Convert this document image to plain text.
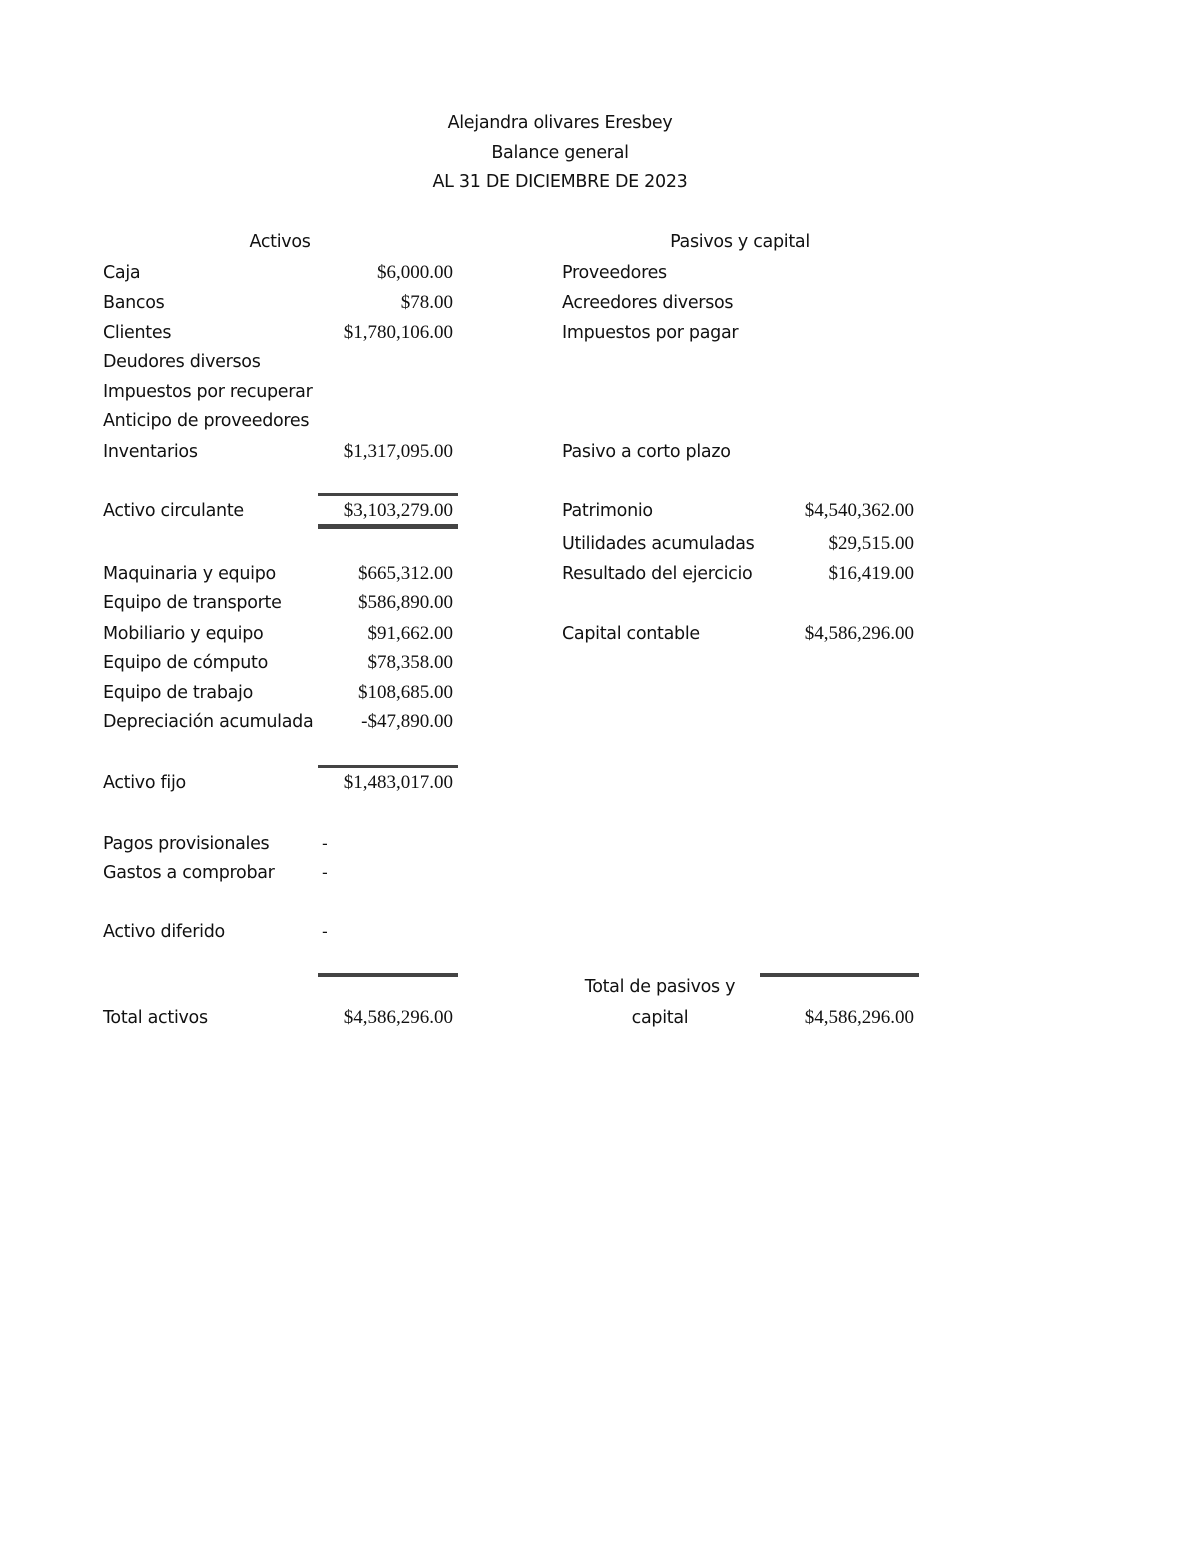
Alejandra olivares Eresbey
Balance general
AL 31 DE DICIEMBRE DE 2023
Activos
Caja	$6,000.00
Bancos	$78.00
Clientes	$1,780,106.00
Deudores diversos
Impuestos por recuperar
Anticipo de proveedores
Inventarios	$1,317,095.00
Activo circulante	$3,103,279.00
Maquinaria y equipo	$665,312.00
Equipo de transporte	$586,890.00
Mobiliario y equipo	$91,662.00
Equipo de cómputo	$78,358.00
Equipo de trabajo	$108,685.00
Depreciación acumulada	-$47,890.00
Activo fijo	$1,483,017.00
Pagos provisionales	-
Gastos a comprobar	-
Activo diferido	-
Total activos	$4,586,296.00
Pasivos y capital
Proveedores
Acreedores diversos
Impuestos por pagar
Pasivo a corto plazo
Patrimonio	$4,540,362.00
Utilidades acumuladas	$29,515.00
Resultado del ejercicio	$16,419.00
Capital contable	$4,586,296.00
Total de pasivos y
capital	$4,586,296.00
